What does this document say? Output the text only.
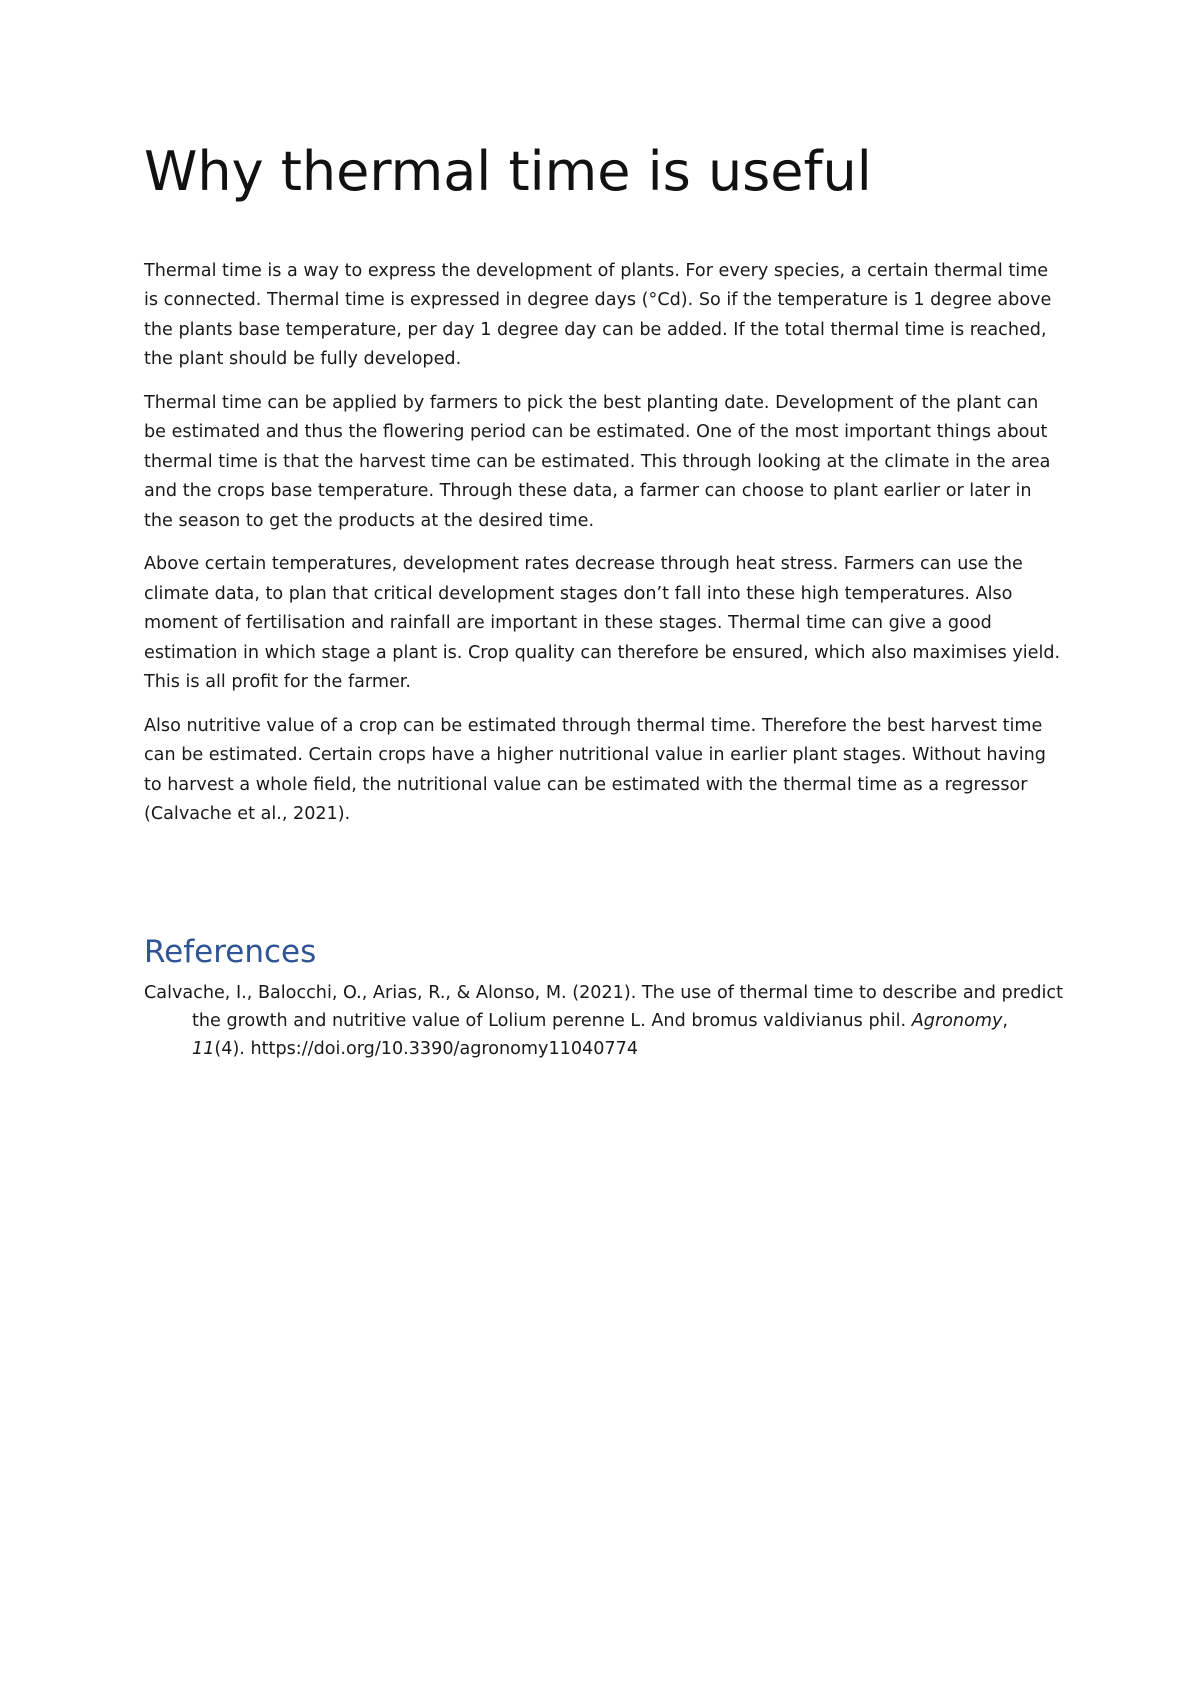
Why thermal time is useful

Thermal time is a way to express the development of plants. For every species, a certain thermal time is connected. Thermal time is expressed in degree days (°Cd). So if the temperature is 1 degree above the plants base temperature, per day 1 degree day can be added. If the total thermal time is reached, the plant should be fully developed.

Thermal time can be applied by farmers to pick the best planting date. Development of the plant can be estimated and thus the flowering period can be estimated. One of the most important things about thermal time is that the harvest time can be estimated. This through looking at the climate in the area and the crops base temperature. Through these data, a farmer can choose to plant earlier or later in the season to get the products at the desired time.

Above certain temperatures, development rates decrease through heat stress. Farmers can use the climate data, to plan that critical development stages don’t fall into these high temperatures. Also moment of fertilisation and rainfall are important in these stages. Thermal time can give a good estimation in which stage a plant is. Crop quality can therefore be ensured, which also maximises yield. This is all profit for the farmer.

Also nutritive value of a crop can be estimated through thermal time. Therefore the best harvest time can be estimated. Certain crops have a higher nutritional value in earlier plant stages. Without having to harvest a whole field, the nutritional value can be estimated with the thermal time as a regressor (Calvache et al., 2021).

References

Calvache, I., Balocchi, O., Arias, R., & Alonso, M. (2021). The use of thermal time to describe and predict the growth and nutritive value of Lolium perenne L. And bromus valdivianus phil. Agronomy, 11(4). https://doi.org/10.3390/agronomy11040774
